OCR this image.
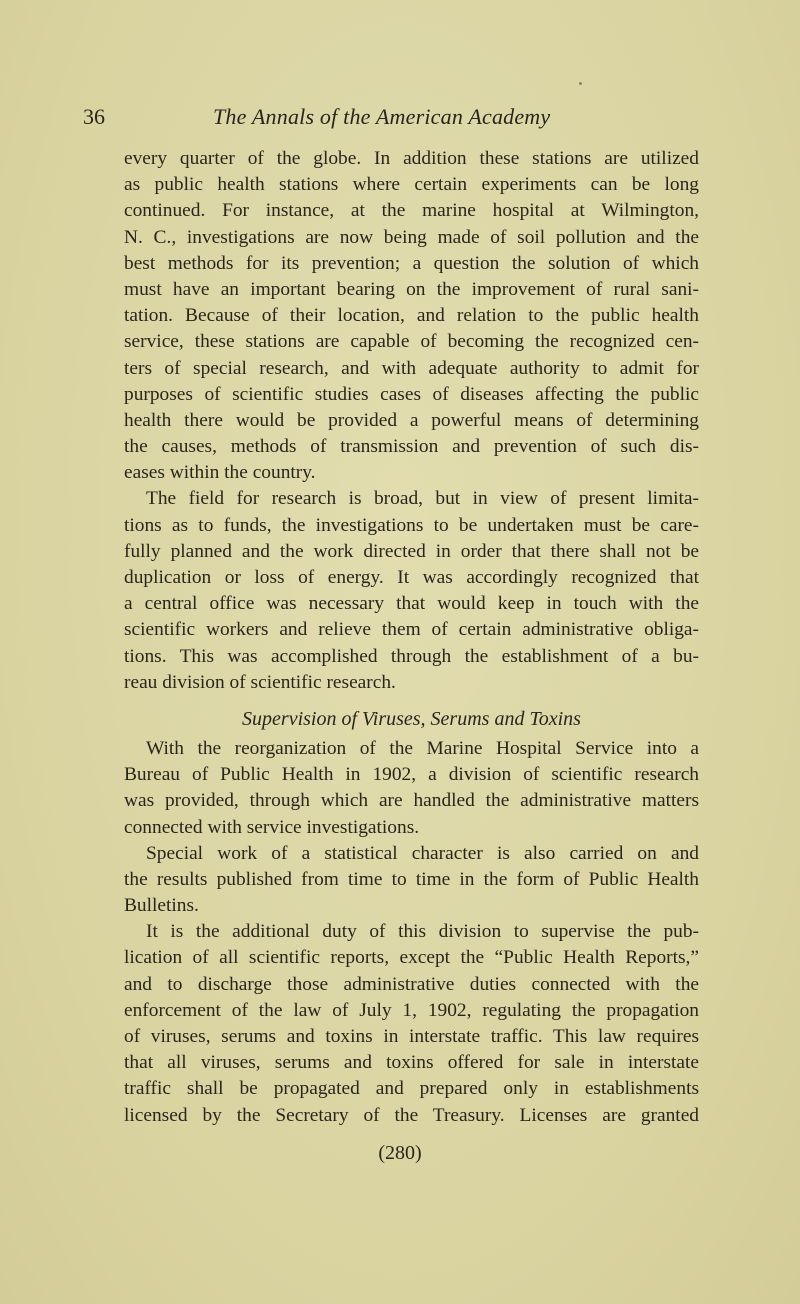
36	The Annals of the American Academy
every quarter of the globe. In addition these stations are utilized
as public health stations where certain experiments can be long
continued. For instance, at the marine hospital at Wilmington,
N. C., investigations are now being made of soil pollution and the
best methods for its prevention; a question the solution of which
must have an important bearing on the improvement of rural sani-
tation. Because of their location, and relation to the public health
service, these stations are capable of becoming the recognized cen-
ters of special research, and with adequate authority to admit for
purposes of scientific studies cases of diseases affecting the public
health there would be provided a powerful means of determining
the causes, methods of transmission and prevention of such dis-
eases within the country.
The field for research is broad, but in view of present limita-
tions as to funds, the investigations to be undertaken must be care-
fully planned and the work directed in order that there shall not be
duplication or loss of energy. It was accordingly recognized that
a central office was necessary that would keep in touch with the
scientific workers and relieve them of certain administrative obliga-
tions. This was accomplished through the establishment of a bu-
reau division of scientific research.
Supervision of Viruses, Serums and Toxins
With the reorganization of the Marine Hospital Service into a
Bureau of Public Health in 1902, a division of scientific research
was provided, through which are handled the administrative matters
connected with service investigations.
Special work of a statistical character is also carried on and
the results published from time to time in the form of Public Health
Bulletins.
It is the additional duty of this division to supervise the pub-
lication of all scientific reports, except the “Public Health Reports,”
and to discharge those administrative duties connected with the
enforcement of the law of July 1, 1902, regulating the propagation
of viruses, serums and toxins in interstate traffic. This law requires
that all viruses, serums and toxins offered for sale in interstate
traffic shall be propagated and prepared only in establishments
licensed by the Secretary of the Treasury. Licenses are granted
(280)
